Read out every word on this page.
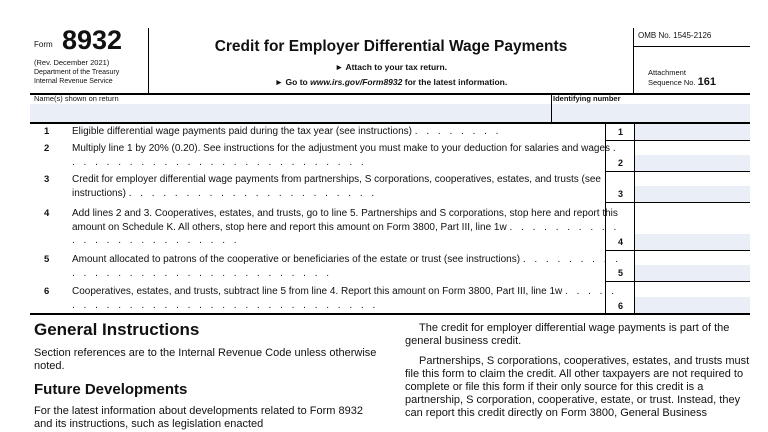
Form 8932
(Rev. December 2021)
Department of the Treasury
Internal Revenue Service
Credit for Employer Differential Wage Payments
► Attach to your tax return.
► Go to www.irs.gov/Form8932 for the latest information.
OMB No. 1545-2126
Attachment
Sequence No. 161
Name(s) shown on return	Identifying number
1 Eligible differential wage payments paid during the tax year (see instructions) . . . . . . . .	1
2 Multiply line 1 by 20% (0.20). See instructions for the adjustment you must make to your deduction for salaries and wages . . . . . . . . . . . . . . . . . . . . . . . . . . .	2
3 Credit for employer differential wage payments from partnerships, S corporations, cooperatives, estates, and trusts (see instructions) . . . . . . . . . . . . . . . . . . . . . .	3
4 Add lines 2 and 3. Cooperatives, estates, and trusts, go to line 5. Partnerships and S corporations, stop here and report this amount on Schedule K. All others, stop here and report this amount on Form 3800, Part III, line 1w . . . . . . . . . . . . . . . . . . . . . . . . .	4
5 Amount allocated to patrons of the cooperative or beneficiaries of the estate or trust (see instructions) . . . . . . . . . . . . . . . . . . . . . . . . . . . . . . . .	5
6 Cooperatives, estates, and trusts, subtract line 5 from line 4. Report this amount on Form 3800, Part III, line 1w . . . . . . . . . . . . . . . . . . . . . . . . . . . . . . . .	6
General Instructions
Section references are to the Internal Revenue Code unless otherwise noted.
Future Developments
For the latest information about developments related to Form 8932 and its instructions, such as legislation enacted
The credit for employer differential wage payments is part of the general business credit.
Partnerships, S corporations, cooperatives, estates, and trusts must file this form to claim the credit. All other taxpayers are not required to complete or file this form if their only source for this credit is a partnership, S corporation, cooperative, estate, or trust. Instead, they can report this credit directly on Form 3800, General Business
